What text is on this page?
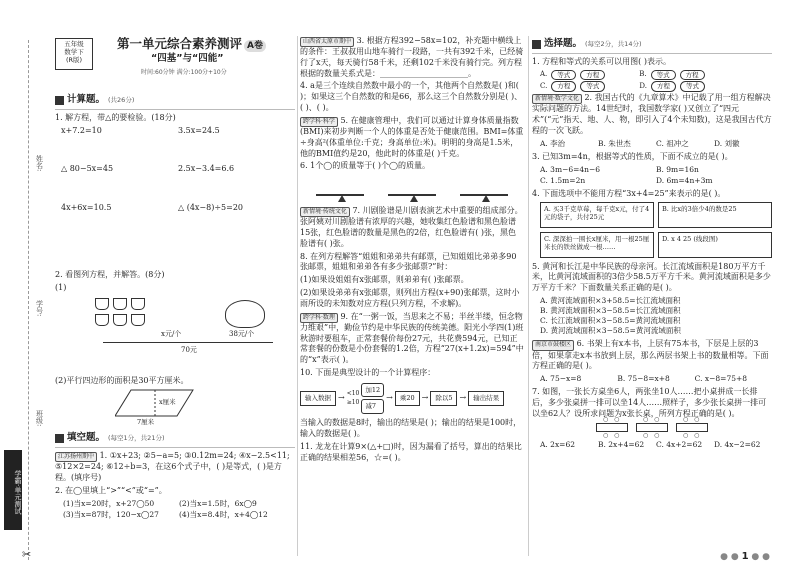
姓名:
学号:
班级:
学霸·单元测试
✂
五年级
数学下
(R版)
第一单元综合素养测评 A卷
“四基”与“四能”
时间:60分钟 满分:100分+10分
计算题。 (共26分)
1. 解方程，带△的要检验。(18分)
x+7.2=10	3.5x=24.5
△ 80−5x=45	2.5x−3.4=6.6
4x+6x=10.5	△ (4x−8)÷5=20
2. 看图列方程，并解答。(8分)
(1)
x元/个	38元/个
70元
(2)平行四边形的面积是30平方厘米。
x厘米
7厘米
填空题。 (每空1分，共21分)
江苏扬州期中 1. ①x+23; ②5−a=5; ③0.12m=24; ④x−2.5<11; ⑤12×2=24; ⑥12÷b=3，在这6个式子中，( )是等式，( )是方程。(填序号)
2. 在◯里填上“>”“<”或“=”。
(1)当x=20时，x+27◯50	(2)当x=1.5时，6x◯9
(3)当x=87时，120−x◯27	(4)当x=8.4时，x+4◯12
山西省太原市期中 3. 根据方程392−58x=102，补充题中横线上的条件：王叔叔用山地车骑行一段路，一共有392千米，已经骑行了x天，每天骑行58千米，还剩102千米没有骑行完。列方程根据的数量关系式是：______________________。
4. a是三个连续自然数中最小的一个，其他两个自然数是( )和( )；如果这三个自然数的和是66，那么这三个自然数分别是( )、( )、( )。
跨学科·科学 5. 在健康管理中，我们可以通过计算身体质量指数(BMI)来初步判断一个人的体重是否处于健康范围。BMI=体重÷身高²(体重单位:千克；身高单位:米)。明明的身高是1.5米，他的BMI值约是20，他此时的体重是( )千克。
6. 1个◯的质量等于( )个◯的质量。
新情境·传统文化 7. 川剧脸谱是川剧表演艺术中重要的组成部分。张阿姨对川剧脸谱有浓厚的兴趣，她收集红色脸谱和黑色脸谱15张，红色脸谱的数量是黑色的2倍，红色脸谱有( )张，黑色脸谱有( )张。
8. 在列方程解答“姐姐和弟弟共有邮票，已知姐姐比弟弟多90张邮票，姐姐和弟弟各有多少张邮票?”时：
(1)如果设姐姐有x张邮票，则弟弟有( )张邮票。
(2)如果设弟弟有x张邮票，则列出方程(x+90)张邮票，这时小雨所设的未知数对应方程(只列方程，不求解)。
跨学科·数理 9. 在“一粥一饭，当思来之不易；半丝半缕，恒念物力维艰”中，勤俭节约是中华民族的传统美德。阳光小学四(1)班秋游时要租车，正常套餐价每份27元，共花费594元，已知正常套餐的份数是小份套餐的1.2倍，方程“27(x+1.2x)=594”中的“x”表示( )。
10. 下面是典型设计的一个计算程序：
输入数据 → <10
≥10
加12
减7
→	乘20 →	除以5 →	输出结果
当输入的数据是8时，输出的结果是( )；输出的结果是100时，输入的数据是( )。
11. 龙龙在计算9×(△+□)时，因为漏看了括号，算出的结果比正确的结果相差56，☆=( )。
选择题。 (每空2分，共14分)
1. 方程和等式的关系可以用图( )表示。
A.	等式	方程	B.	等式	方程
C.	方程	等式	D.	方程	等式
新情境·数学文化 2. 我国古代的《九章算术》中记载了用一组方程解决实际问题的方法。14世纪时，我国数学家( )又创立了“四元术”(“元”指天、地、人、物，即引入了4个未知数)，这是我国古代方程的一次飞跃。
A. 李治	B. 朱世杰	C. 祖冲之	D. 刘徽
3. 已知3m=4n，根据等式的性质，下面不成立的是( )。
A. 3m−6=4n−6	B. 9m=16n
C. 1.5m=2n	D. 6m=4n+3m
4. 下面选项中不能用方程“3x+4=25”来表示的是( )。
A. 买3千克草莓，每千克x元，付了4元的袋子，共付25元
B. 比x的3倍少4的数是25
C. 深深拍一围长x厘米，用一根25厘米长的铁丝做成一根……
D. x 4 25 (线段图)
5. 黄河和长江是中华民族的母亲河。长江流域面积是180万平方千米，比黄河流域面积的3倍少58.5万平方千米。黄河流域面积是多少万平方千米？下面数量关系正确的是( )。
A. 黄河流域面积×3+58.5=长江流域面积
B. 黄河流域面积×3−58.5=长江流域面积
C. 长江流域面积×3−58.5=黄河流域面积
D. 黄河流域面积×3−58.5=黄河流域面积
南京市鼓楼区 6. 书架上有x本书，上层有75本书，下层是上层的3倍，如果拿走x本书放到上层，那么两层书架上书的数量相等。下面方程正确的是( )。
A. 75−x=8	B. 75−8=x+8	C. x−8=75+8
7. 如图，一张长方桌坐6人，两张坐10人……把小桌拼成一长排后，多少张桌拼一排可以坐14人……照样子，多少张长桌拼一排可以坐62人？设所求问题为x张长桌，所列方程正确的是( )。
○ ○ ○ ○
○ ○ ○ ○
○ ○ ○ ○
A. 2x=62	B. 2x+4=62	C. 4x+2=62	D. 4x−2=62
● ● 1 ● ●
